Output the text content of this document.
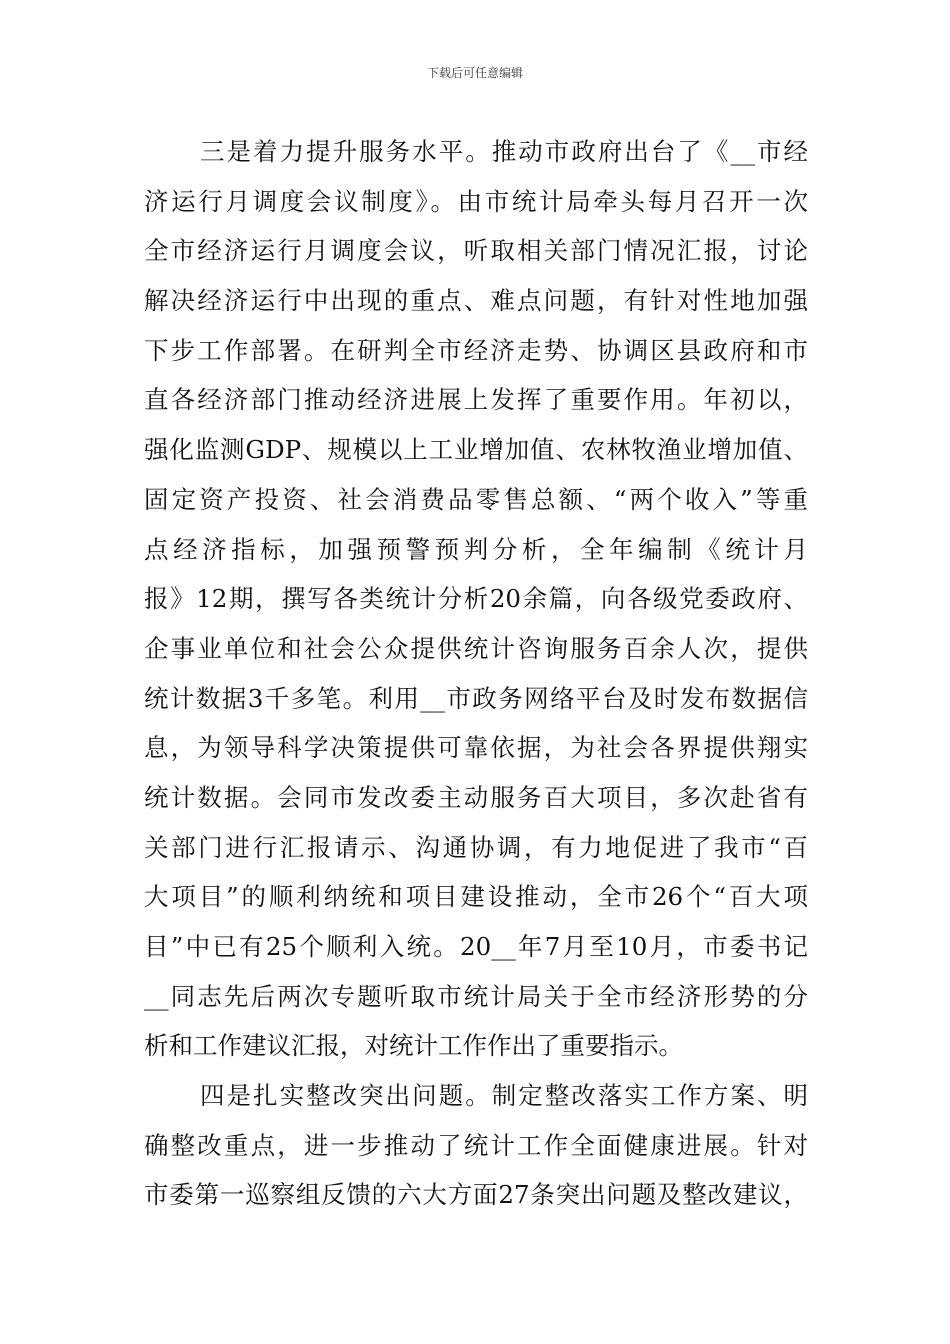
下载后可任意编辑
三是着力提升服务水平。推动市政府出台了《__市经
济运行月调度会议制度》。由市统计局牵头每月召开一次
全市经济运行月调度会议，听取相关部门情况汇报，讨论
解决经济运行中出现的重点、难点问题，有针对性地加强
下步工作部署。在研判全市经济走势、协调区县政府和市
直各经济部门推动经济进展上发挥了重要作用。年初以，
强化监测GDP、规模以上工业增加值、农林牧渔业增加值、
固定资产投资、社会消费品零售总额、“两个收入”等重
点经济指标，加强预警预判分析，全年编制《统计月
报》12期，撰写各类统计分析20余篇，向各级党委政府、
企事业单位和社会公众提供统计咨询服务百余人次，提供
统计数据3千多笔。利用__市政务网络平台及时发布数据信
息，为领导科学决策提供可靠依据，为社会各界提供翔实
统计数据。会同市发改委主动服务百大项目，多次赴省有
关部门进行汇报请示、沟通协调，有力地促进了我市“百
大项目”的顺利纳统和项目建设推动，全市26个“百大项
目”中已有25个顺利入统。20__年7月至10月，市委书记
__同志先后两次专题听取市统计局关于全市经济形势的分
析和工作建议汇报，对统计工作作出了重要指示。
四是扎实整改突出问题。制定整改落实工作方案、明
确整改重点，进一步推动了统计工作全面健康进展。针对
市委第一巡察组反馈的六大方面27条突出问题及整改建议，
